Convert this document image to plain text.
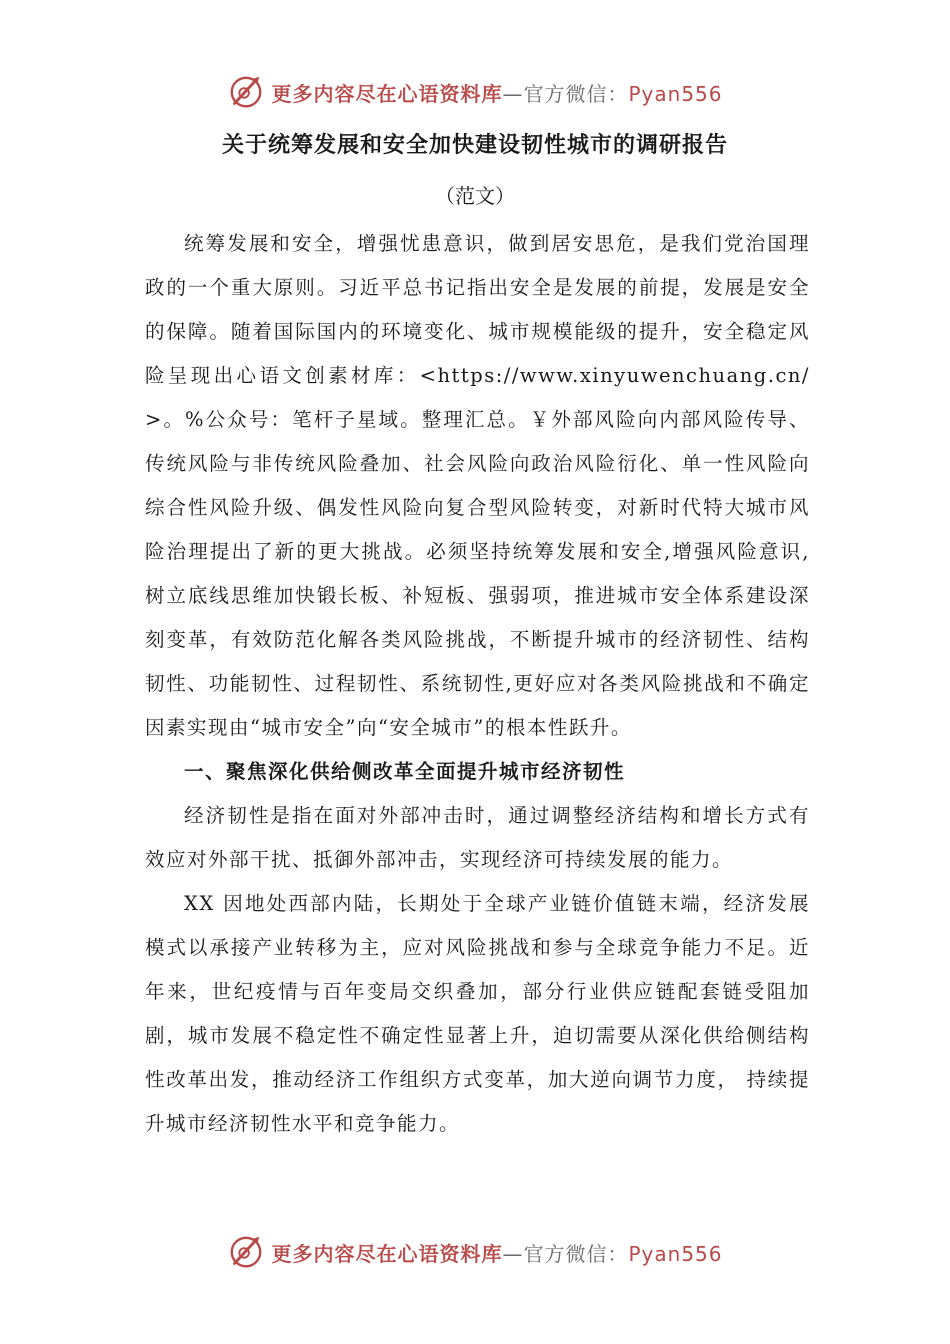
更多内容尽在心语资料库—官方微信：Pyan556
关于统筹发展和安全加快建设韧性城市的调研报告
（范文）

统筹发展和安全，增强忧患意识，做到居安思危，是我们党治国理政的一个重大原则。习近平总书记指出安全是发展的前提，发展是安全的保障。随着国际国内的环境变化、城市规模能级的提升，安全稳定风险呈现出心语文创素材库：<https://www.xinyuwenchuang.cn/>。%公众号：笔杆子星域。整理汇总。￥外部风险向内部风险传导、传统风险与非传统风险叠加、社会风险向政治风险衍化、单一性风险向综合性风险升级、偶发性风险向复合型风险转变，对新时代特大城市风险治理提出了新的更大挑战。必须坚持统筹发展和安全,增强风险意识,树立底线思维加快锻长板、补短板、强弱项，推进城市安全体系建设深刻变革，有效防范化解各类风险挑战，不断提升城市的经济韧性、结构韧性、功能韧性、过程韧性、系统韧性,更好应对各类风险挑战和不确定因素实现由“城市安全”向“安全城市”的根本性跃升。

一、聚焦深化供给侧改革全面提升城市经济韧性

经济韧性是指在面对外部冲击时，通过调整经济结构和增长方式有效应对外部干扰、抵御外部冲击，实现经济可持续发展的能力。

XX 因地处西部内陆，长期处于全球产业链价值链末端，经济发展模式以承接产业转移为主，应对风险挑战和参与全球竞争能力不足。近年来，世纪疫情与百年变局交织叠加，部分行业供应链配套链受阻加剧，城市发展不稳定性不确定性显著上升，迫切需要从深化供给侧结构性改革出发，推动经济工作组织方式变革，加大逆向调节力度， 持续提升城市经济韧性水平和竞争能力。

更多内容尽在心语资料库—官方微信：Pyan556
